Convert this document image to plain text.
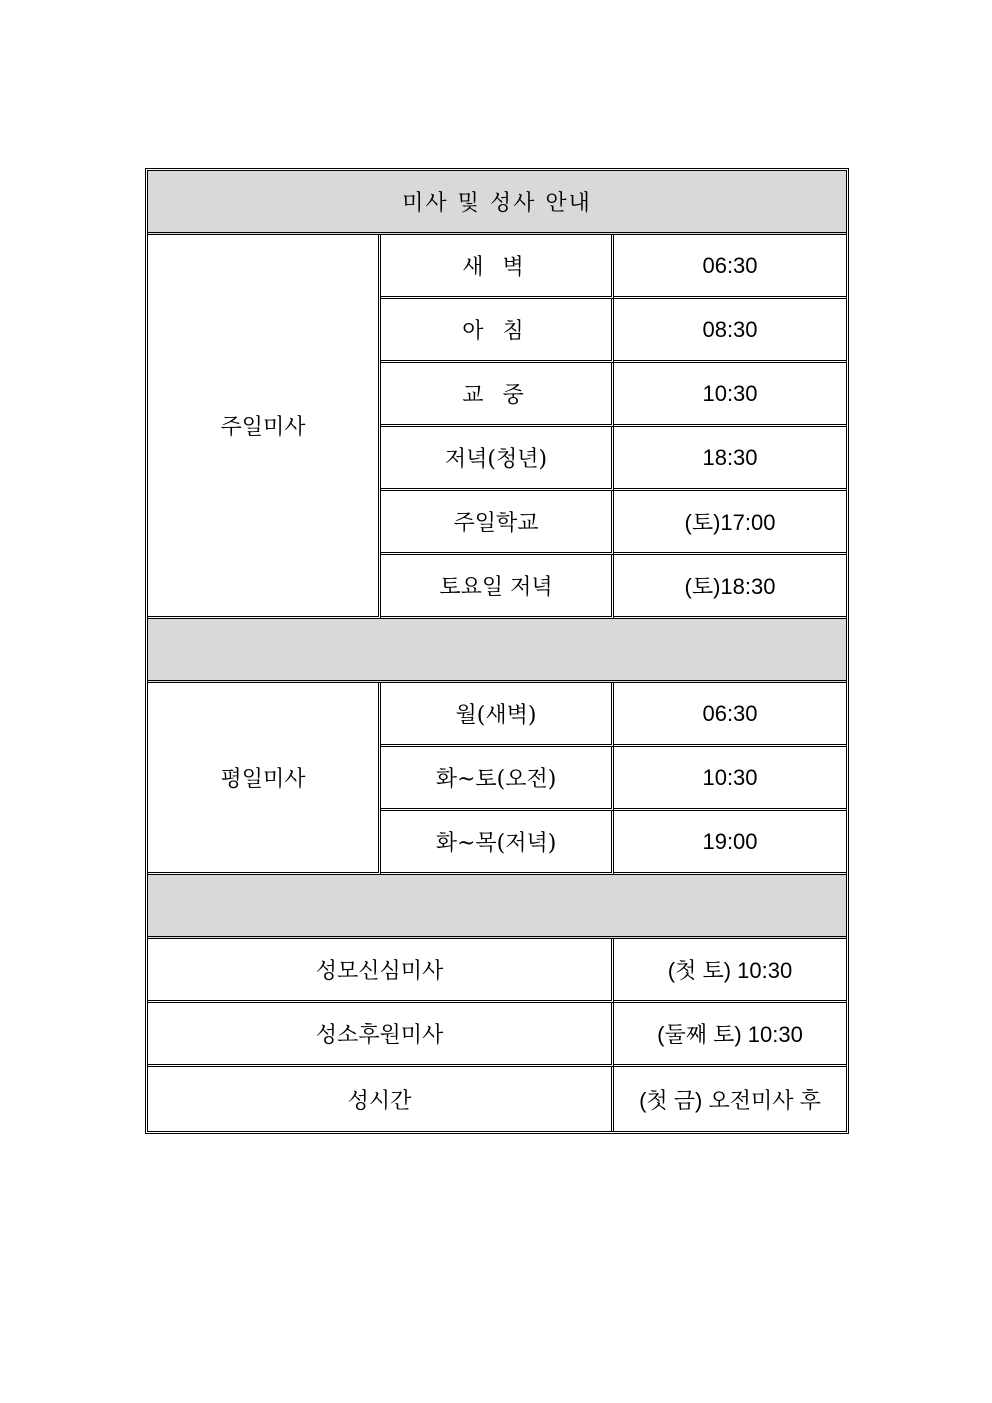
미사 및 성사 안내		
주일미사	새 벽	06:30
	아 침	08:30
	교 중	10:30
	저녁(청년)	18:30
	주일학교	(토)17:00
	토요일 저녁	(토)18:30

평일미사	월(새벽)	06:30
	화~토(오전)	10:30
	화~목(저녁)	19:00

성모신심미사		(첫 토) 10:30
성소후원미사		(둘째 토) 10:30
성시간		(첫 금) 오전미사 후
